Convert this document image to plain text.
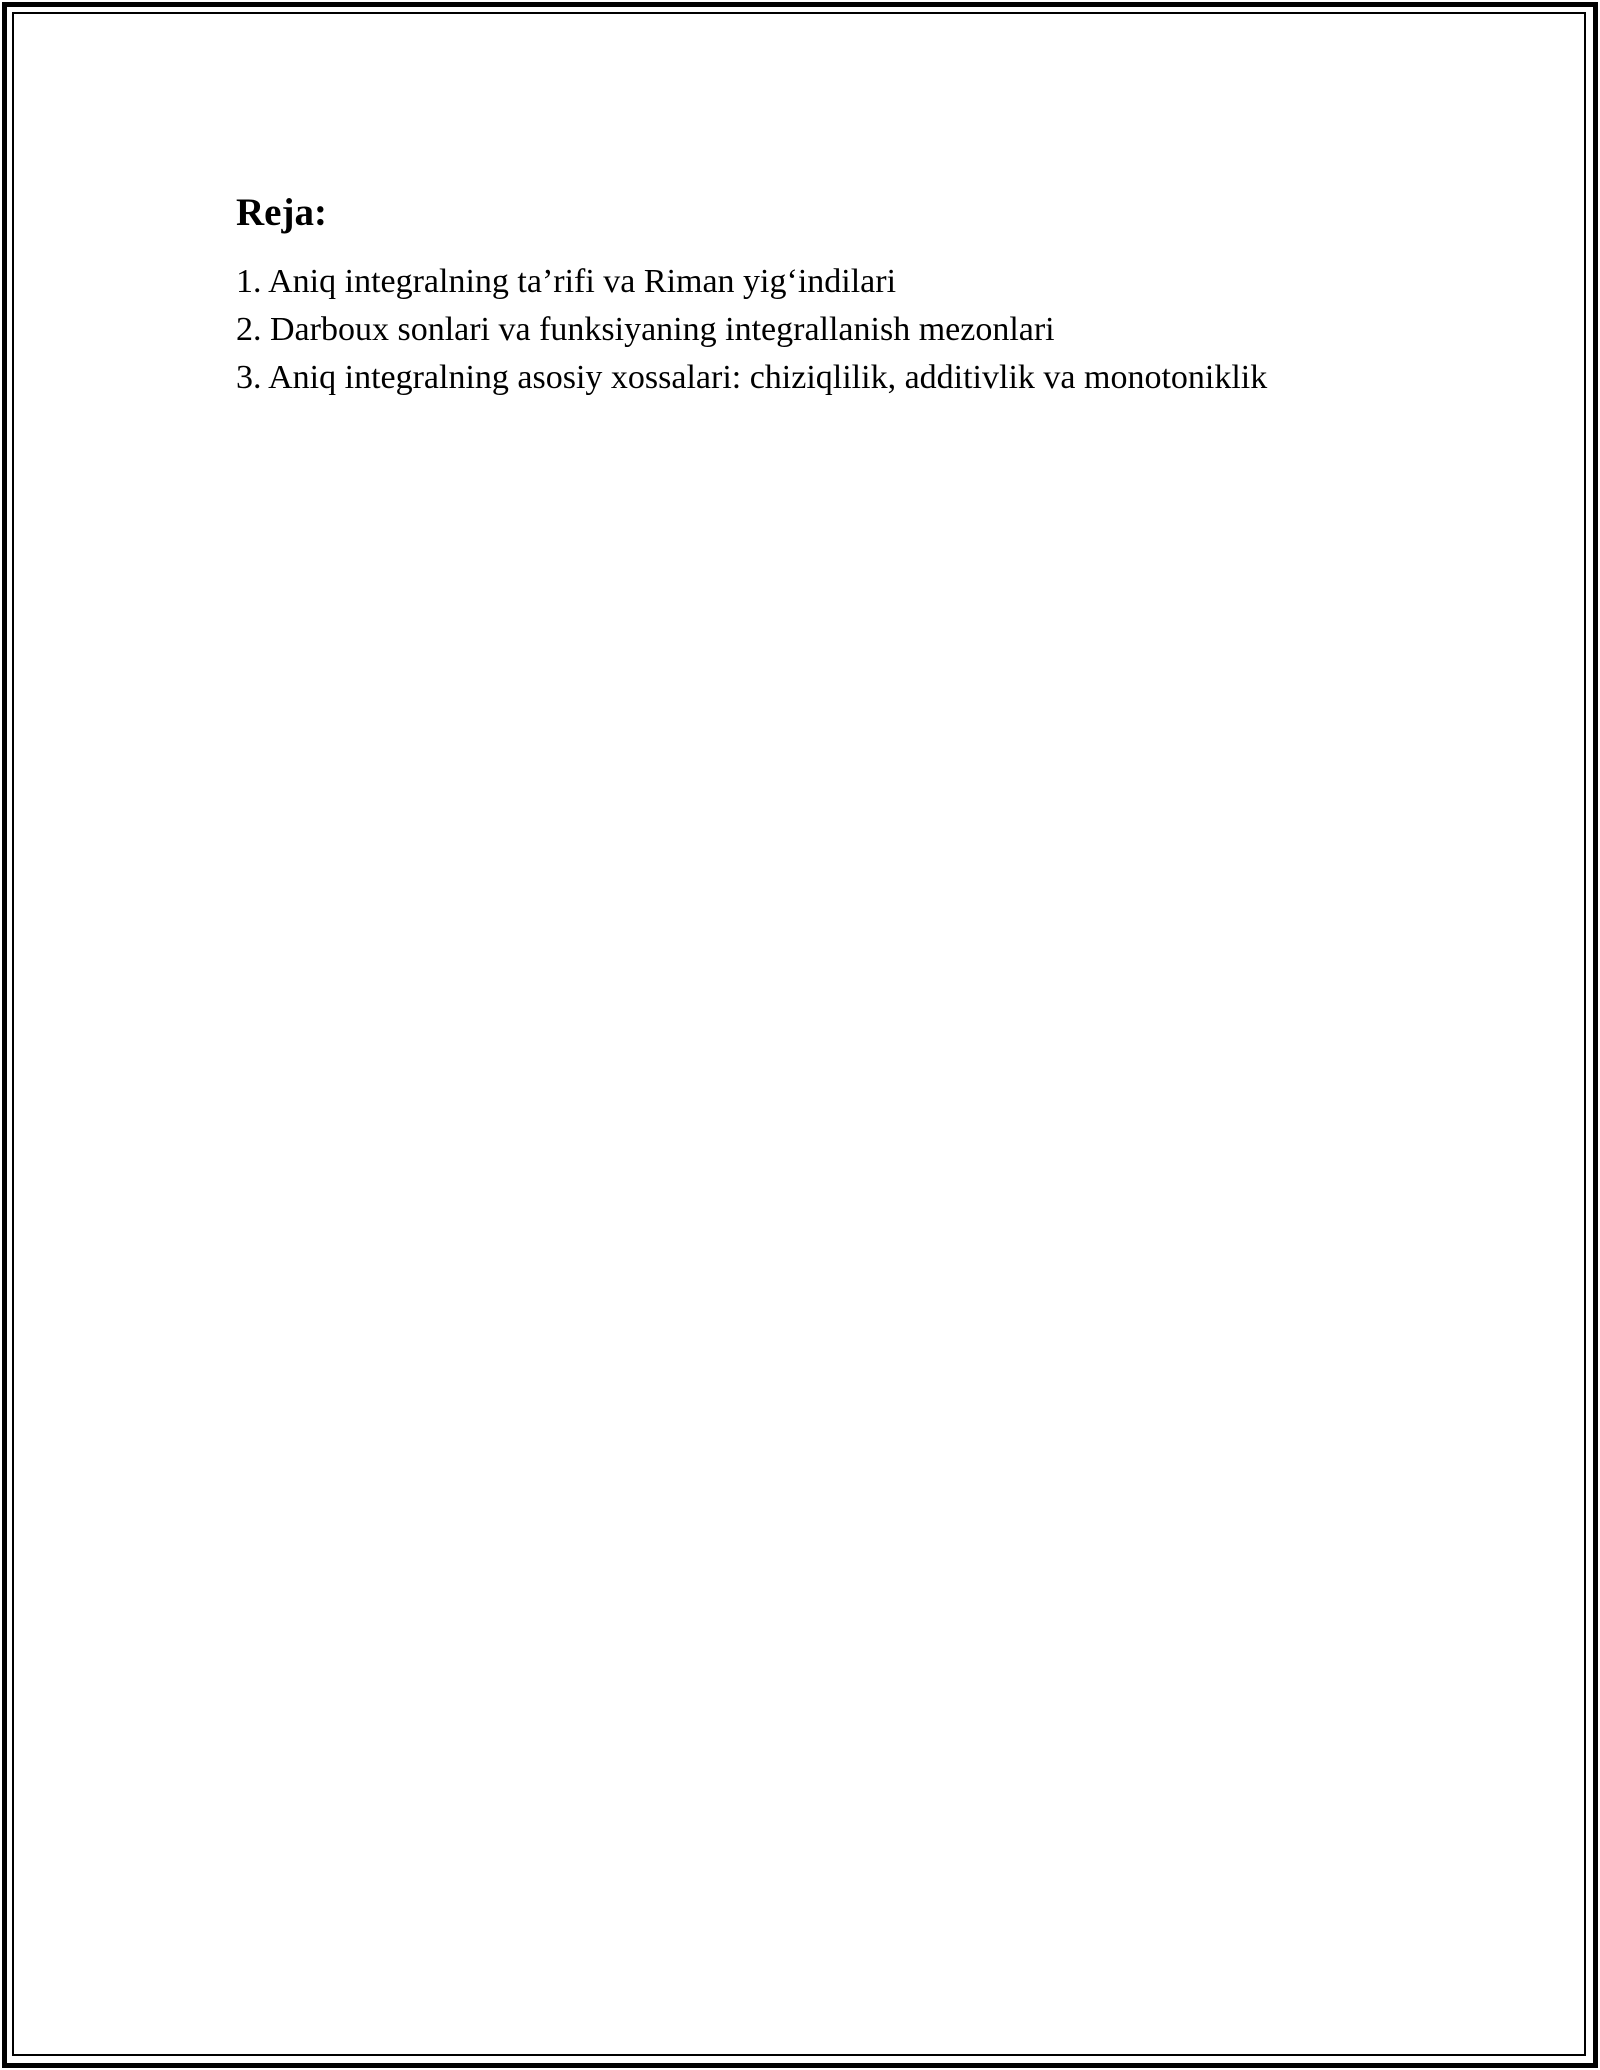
Reja:
1. Aniq integralning ta’rifi va Riman yig‘indilari
2. Darboux sonlari va funksiyaning integrallanish mezonlari
3. Aniq integralning asosiy xossalari: chiziqlilik, additivlik va monotoniklik
